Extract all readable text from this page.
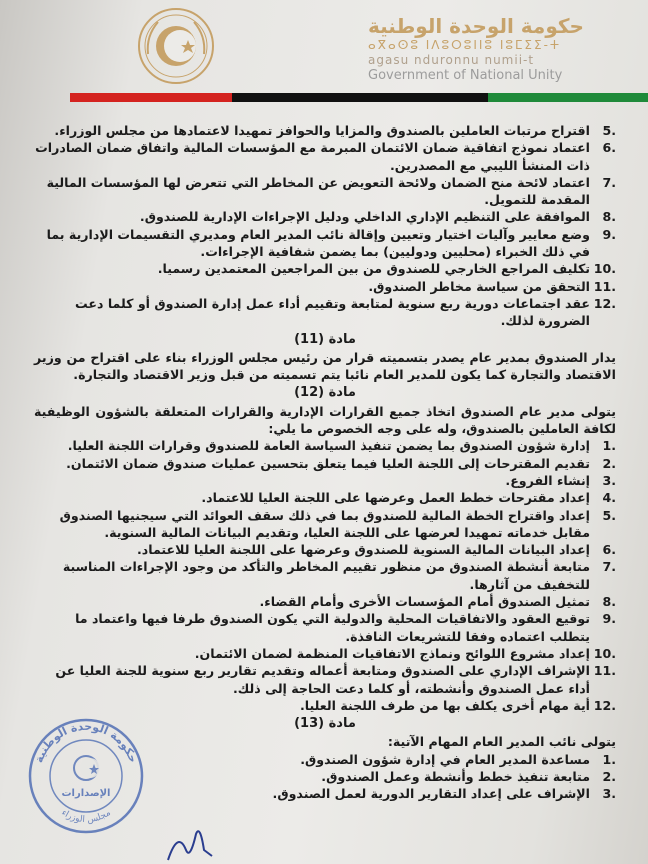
حكومة الوحدة الوطنية
ⴰⴳⴰⵙⵓ ⵏⴷⵓⵔⵓⵏⵏⵓ ⵏⵓⵎⵉⵉ-ⵜ
agasu nduronnu numii-t
Government of National Unity
5.
اقتراح مرتبات العاملين بالصندوق والمزايا والحوافز تمهيدا لاعتمادها من مجلس الوزراء.
6.
اعتماد نموذج اتفاقية ضمان الائتمان المبرمة مع المؤسسات المالية واتفاق ضمان الصادرات ذات المنشأ الليبي مع المصدرين.
7.
اعتماد لائحة منح الضمان ولائحة التعويض عن المخاطر التي تتعرض لها المؤسسات المالية المقدمة للتمويل.
8.
الموافقة على التنظيم الإداري الداخلي ودليل الإجراءات الإدارية للصندوق.
9.
وضع معايير وآليات اختيار وتعيين وإقالة نائب المدير العام ومديري التقسيمات الإدارية بما في ذلك الخبراء (محليين ودوليين) بما يضمن شفافية الإجراءات.
10.
تكليف المراجع الخارجي للصندوق من بين المراجعين المعتمدين رسميا.
11.
التحقق من سياسة مخاطر الصندوق.
12.
عقد اجتماعات دورية ربع سنوية لمتابعة وتقييم أداء عمل إدارة الصندوق أو كلما دعت الضرورة لذلك.
مادة (11)
يدار الصندوق بمدير عام يصدر بتسميته قرار من رئيس مجلس الوزراء بناء على اقتراح من وزير الاقتصاد والتجارة كما يكون للمدير العام نائبا يتم تسميته من قبل وزير الاقتصاد والتجارة.
مادة (12)
يتولى مدير عام الصندوق اتخاذ جميع القرارات الإدارية والقرارات المتعلقة بالشؤون الوظيفية لكافة العاملين بالصندوق، وله على وجه الخصوص ما يلي:
1.
إدارة شؤون الصندوق بما يضمن تنفيذ السياسة العامة للصندوق وقرارات اللجنة العليا.
2.
تقديم المقترحات إلى اللجنة العليا فيما يتعلق بتحسين عمليات صندوق ضمان الائتمان.
3.
إنشاء الفروع.
4.
إعداد مقترحات خطط العمل وعرضها على اللجنة العليا للاعتماد.
5.
إعداد واقتراح الخطة المالية للصندوق بما في ذلك سقف العوائد التي سيجنيها الصندوق مقابل خدماته تمهيدا لعرضها على اللجنة العليا، وتقديم البيانات المالية السنوية.
6.
إعداد البيانات المالية السنوية للصندوق وعرضها على اللجنة العليا للاعتماد.
7.
متابعة أنشطة الصندوق من منظور تقييم المخاطر والتأكد من وجود الإجراءات المناسبة للتخفيف من آثارها.
8.
تمثيل الصندوق أمام المؤسسات الأخرى وأمام القضاء.
9.
توقيع العقود والاتفاقيات المحلية والدولية التي يكون الصندوق طرفا فيها واعتماد ما يتطلب اعتماده وفقا للتشريعات النافذة.
10.
إعداد مشروع اللوائح ونماذج الاتفاقيات المنظمة لضمان الائتمان.
11.
الإشراف الإداري على الصندوق ومتابعة أعماله وتقديم تقارير ربع سنوية للجنة العليا عن أداء عمل الصندوق وأنشطته، أو كلما دعت الحاجة إلى ذلك.
12.
أية مهام أخرى يكلف بها من طرف اللجنة العليا.
مادة (13)
يتولى نائب المدير العام المهام الآتية:
1.
مساعدة المدير العام في إدارة شؤون الصندوق.
2.
متابعة تنفيذ خطط وأنشطة وعمل الصندوق.
3.
الإشراف على إعداد التقارير الدورية لعمل الصندوق.
حكومة الوحدة الوطنية
مجلس الوزراء
الإصدارات
